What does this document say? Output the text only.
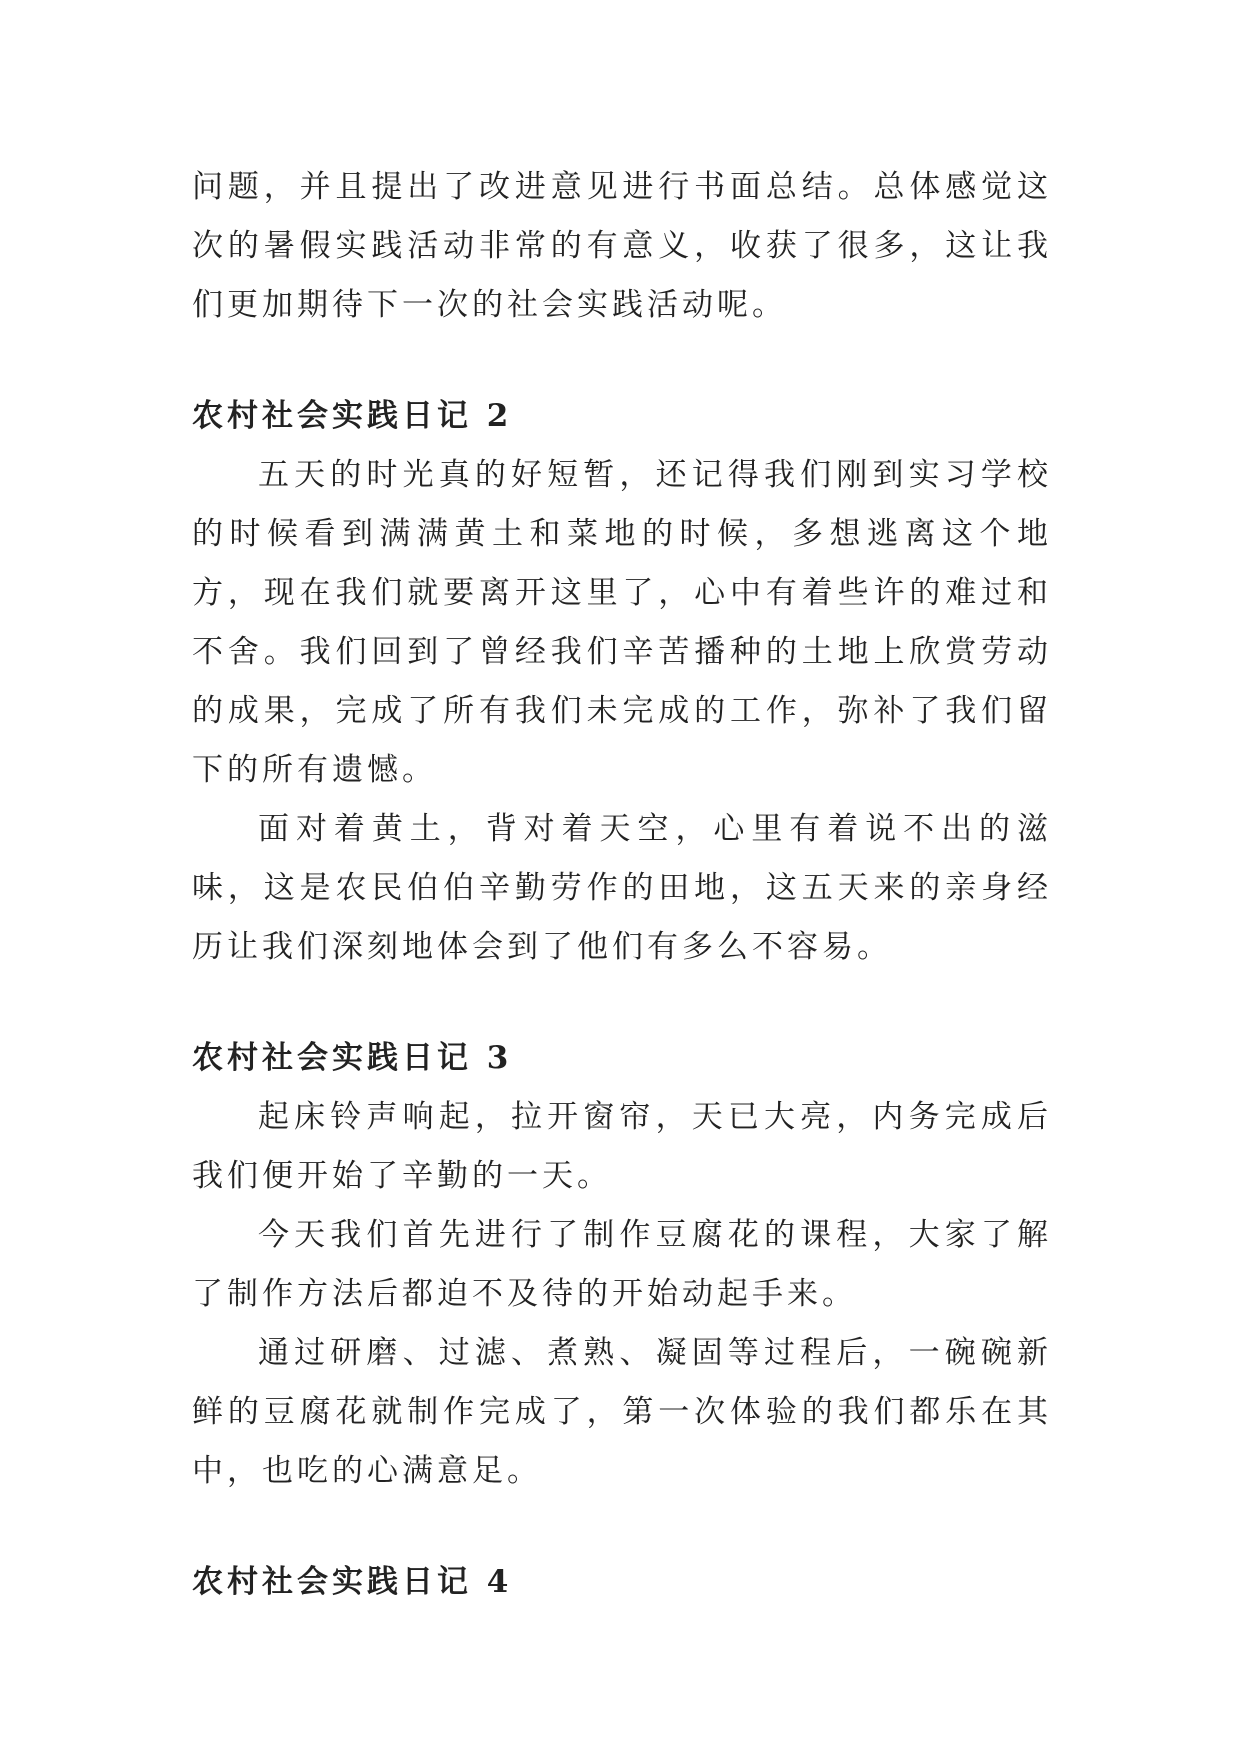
问题，并且提出了改进意见进行书面总结。总体感觉这次的暑假实践活动非常的有意义，收获了很多，这让我们更加期待下一次的社会实践活动呢。

农村社会实践日记 2

五天的时光真的好短暂，还记得我们刚到实习学校的时候看到满满黄土和菜地的时候，多想逃离这个地方，现在我们就要离开这里了，心中有着些许的难过和不舍。我们回到了曾经我们辛苦播种的土地上欣赏劳动的成果，完成了所有我们未完成的工作，弥补了我们留下的所有遗憾。

面对着黄土，背对着天空，心里有着说不出的滋味，这是农民伯伯辛勤劳作的田地，这五天来的亲身经历让我们深刻地体会到了他们有多么不容易。

农村社会实践日记 3

起床铃声响起，拉开窗帘，天已大亮，内务完成后我们便开始了辛勤的一天。

今天我们首先进行了制作豆腐花的课程，大家了解了制作方法后都迫不及待的开始动起手来。

通过研磨、过滤、煮熟、凝固等过程后，一碗碗新鲜的豆腐花就制作完成了，第一次体验的我们都乐在其中，也吃的心满意足。

农村社会实践日记 4
